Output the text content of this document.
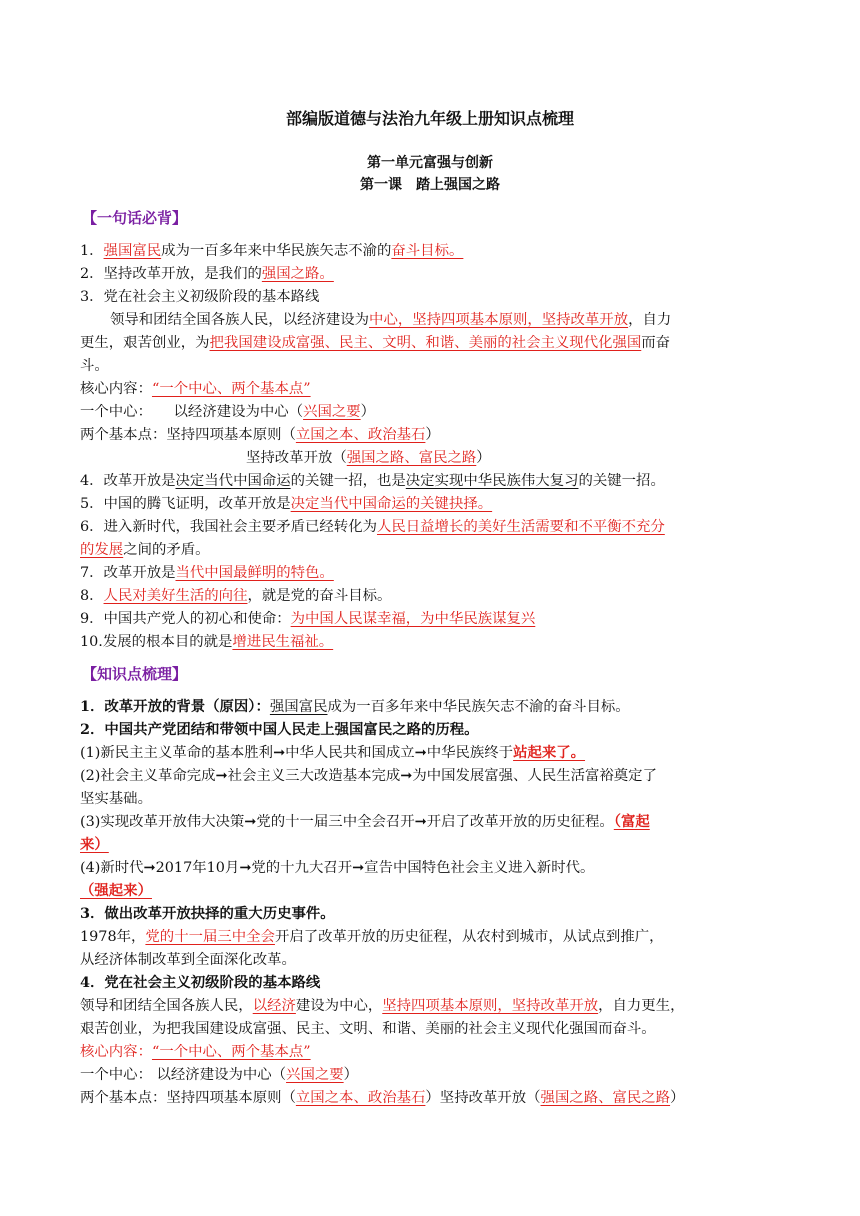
部编版道德与法治九年级上册知识点梳理
第一单元富强与创新
第一课　踏上强国之路
【一句话必背】
1．强国富民成为一百多年来中华民族矢志不渝的奋斗目标。
2．坚持改革开放，是我们的强国之路。
3．党在社会主义初级阶段的基本路线
领导和团结全国各族人民，以经济建设为中心，坚持四项基本原则，坚持改革开放，自力
更生，艰苦创业，为把我国建设成富强、民主、文明、和谐、美丽的社会主义现代化强国而奋
斗。
核心内容：“一个中心、两个基本点”
一个中心：　　以经济建设为中心（兴国之要）
两个基本点：坚持四项基本原则（立国之本、政治基石）
坚持改革开放（强国之路、富民之路）
4．改革开放是决定当代中国命运的关键一招，也是决定实现中华民族伟大复习的关键一招。
5．中国的腾飞证明，改革开放是决定当代中国命运的关键抉择。
6．进入新时代，我国社会主要矛盾已经转化为人民日益增长的美好生活需要和不平衡不充分
的发展之间的矛盾。
7．改革开放是当代中国最鲜明的特色。
8．人民对美好生活的向往，就是党的奋斗目标。
9．中国共产党人的初心和使命：为中国人民谋幸福，为中华民族谋复兴
10.发展的根本目的就是增进民生福祉。
【知识点梳理】
1．改革开放的背景（原因）：强国富民成为一百多年来中华民族矢志不渝的奋斗目标。
2．中国共产党团结和带领中国人民走上强国富民之路的历程。
(1)新民主主义革命的基本胜利➞中华人民共和国成立➞中华民族终于站起来了。
(2)社会主义革命完成➞社会主义三大改造基本完成➞为中国发展富强、人民生活富裕奠定了
坚实基础。
(3)实现改革开放伟大决策➞党的十一届三中全会召开➞开启了改革开放的历史征程。（富起
来）
(4)新时代➞2017年10月➞党的十九大召开➞宣告中国特色社会主义进入新时代。
（强起来）
3．做出改革开放抉择的重大历史事件。
1978年，党的十一届三中全会开启了改革开放的历史征程，从农村到城市，从试点到推广，
从经济体制改革到全面深化改革。
4．党在社会主义初级阶段的基本路线
领导和团结全国各族人民，以经济建设为中心，坚持四项基本原则，坚持改革开放，自力更生，
艰苦创业，为把我国建设成富强、民主、文明、和谐、美丽的社会主义现代化强国而奋斗。
核心内容：“一个中心、两个基本点”
一个中心： 以经济建设为中心（兴国之要）
两个基本点：坚持四项基本原则（立国之本、政治基石）坚持改革开放（强国之路、富民之路）
